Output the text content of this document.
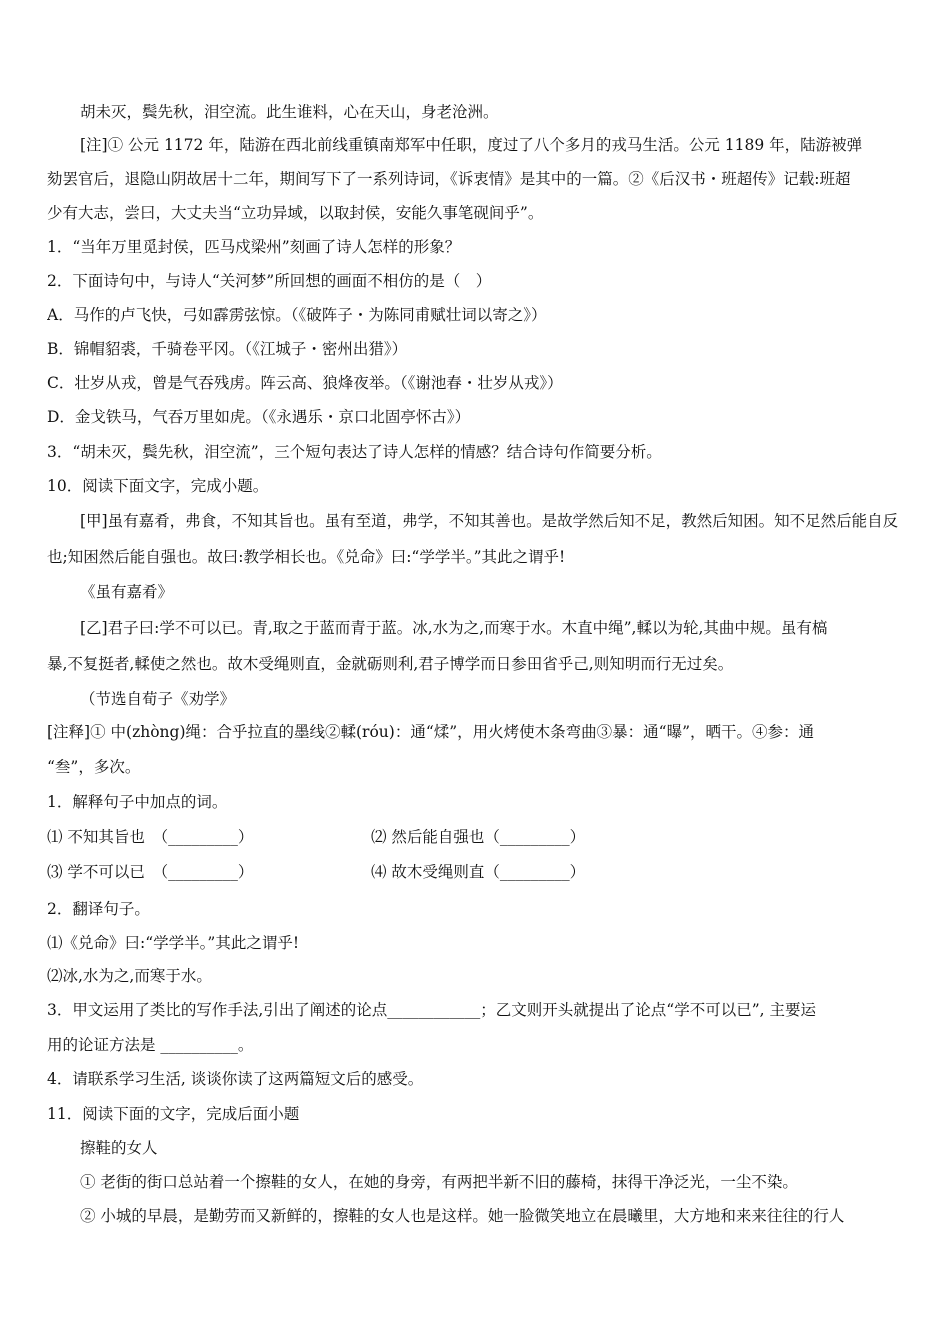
胡未灭，鬓先秋，泪空流。此生谁料，心在天山，身老沧洲。
[注]① 公元 1172 年，陆游在西北前线重镇南郑军中任职，度过了八个多月的戎马生活。公元 1189 年，陆游被弹
劾罢官后，退隐山阴故居十二年，期间写下了一系列诗词，《诉衷情》是其中的一篇。②《后汉书・班超传》记载:班超
少有大志，尝曰，大丈夫当“立功异域，以取封侯，安能久事笔砚间乎”。
1．“当年万里觅封侯，匹马戍梁州”刻画了诗人怎样的形象？
2．下面诗句中，与诗人“关河梦”所回想的画面不相仿的是（　）
A．马作的卢飞快，弓如霹雳弦惊。（《破阵子・为陈同甫赋壮词以寄之》）
B．锦帽貂裘，千骑卷平冈。（《江城子・密州出猎》）
C．壮岁从戎，曾是气吞残虏。阵云高、狼烽夜举。（《谢池春・壮岁从戎》）
D．金戈铁马，气吞万里如虎。（《永遇乐・京口北固亭怀古》）
3．“胡未灭，鬓先秋，泪空流”，三个短句表达了诗人怎样的情感？结合诗句作简要分析。
10．阅读下面文字，完成小题。
[甲]虽有嘉肴，弗食，不知其旨也。虽有至道，弗学，不知其善也。是故学然后知不足，教然后知困。知不足然后能自反
也;知困然后能自强也。故曰:教学相长也。《兑命》曰:“学学半。”其此之谓乎!
《虽有嘉肴》
[乙]君子曰:学不可以已。青,取之于蓝而青于蓝。冰,水为之,而寒于水。木直中绳”,輮以为轮,其曲中规。虽有槁
暴,不复挺者,輮使之然也。故木受绳则直，金就砺则利,君子博学而日参田省乎己,则知明而行无过矣。
（节选自荀子《劝学》
[注释]① 中(zhòng)绳：合乎拉直的墨线②輮(róu)：通“煣”，用火烤使木条弯曲③暴：通“曝”，晒干。④参：通
“叁”，多次。
1．解释句子中加点的词。
⑴ 不知其旨也　（_________）	⑵ 然后能自强也（_________）
⑶ 学不可以已　（_________）	⑷ 故木受绳则直（_________）
2．翻译句子。
⑴《兑命》曰:“学学半。”其此之谓乎!
⑵冰,水为之,而寒于水。
3．甲文运用了类比的写作手法,引出了阐述的论点____________；乙文则开头就提出了论点“学不可以已”, 主要运
用的论证方法是 __________。
4．请联系学习生活, 谈谈你读了这两篇短文后的感受。
11．阅读下面的文字，完成后面小题
擦鞋的女人
① 老街的街口总站着一个擦鞋的女人，在她的身旁，有两把半新不旧的藤椅，抹得干净泛光，一尘不染。
② 小城的早晨，是勤劳而又新鲜的，擦鞋的女人也是这样。她一脸微笑地立在晨曦里，大方地和来来往往的行人
